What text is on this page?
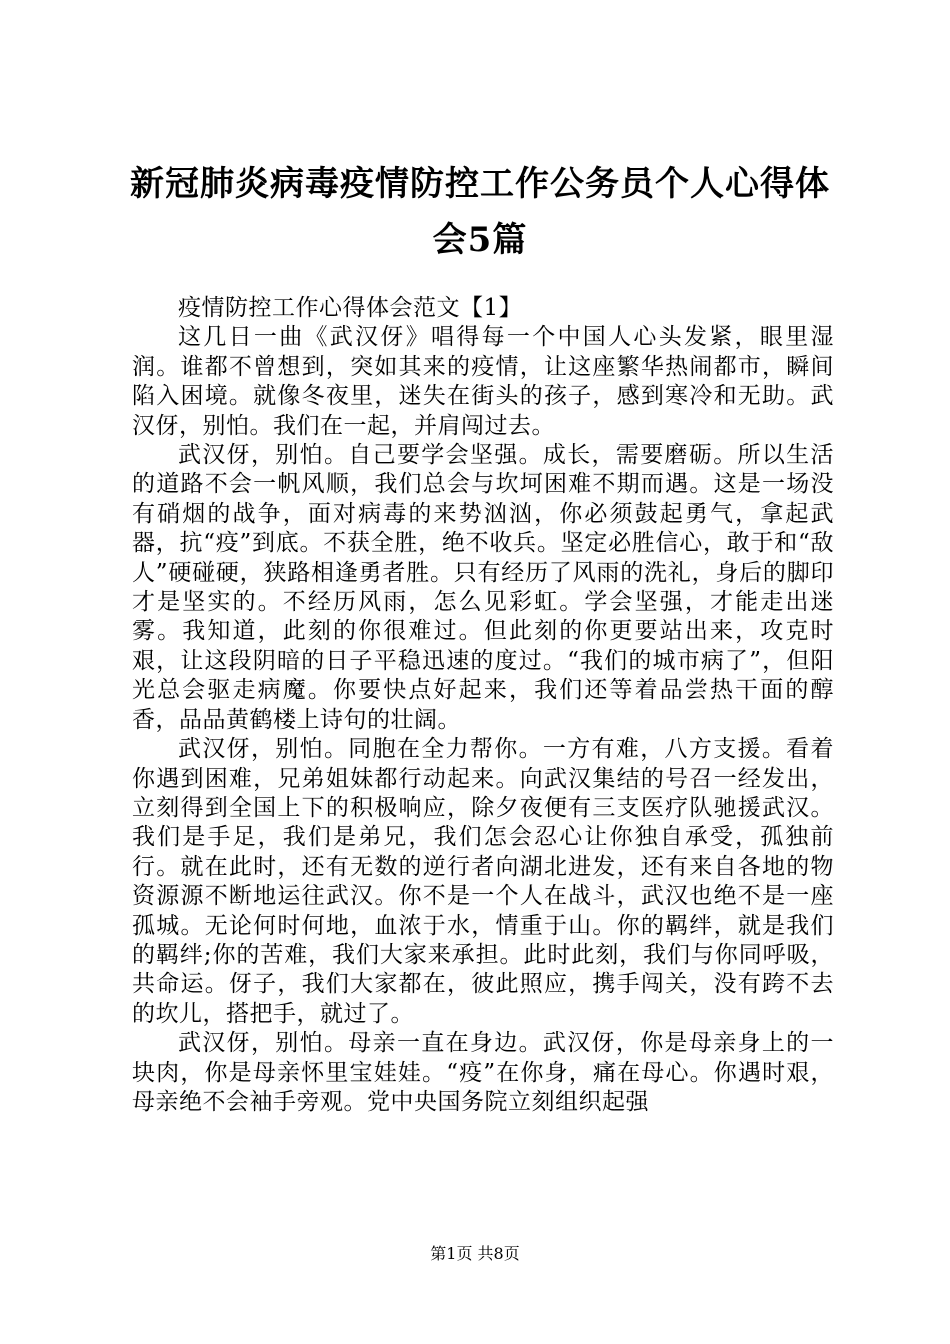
新冠肺炎病毒疫情防控工作公务员个人心得体会5篇

疫情防控工作心得体会范文【1】

这几日一曲《武汉伢》唱得每一个中国人心头发紧，眼里湿润。谁都不曾想到，突如其来的疫情，让这座繁华热闹都市，瞬间陷入困境。就像冬夜里，迷失在街头的孩子，感到寒冷和无助。武汉伢，别怕。我们在一起，并肩闯过去。

武汉伢，别怕。自己要学会坚强。成长，需要磨砺。所以生活的道路不会一帆风顺，我们总会与坎坷困难不期而遇。这是一场没有硝烟的战争，面对病毒的来势汹汹，你必须鼓起勇气，拿起武器，抗“疫”到底。不获全胜，绝不收兵。坚定必胜信心，敢于和“敌人”硬碰硬，狭路相逢勇者胜。只有经历了风雨的洗礼，身后的脚印才是坚实的。不经历风雨，怎么见彩虹。学会坚强，才能走出迷雾。我知道，此刻的你很难过。但此刻的你更要站出来，攻克时艰，让这段阴暗的日子平稳迅速的度过。“我们的城市病了”，但阳光总会驱走病魔。你要快点好起来，我们还等着品尝热干面的醇香，品品黄鹤楼上诗句的壮阔。

武汉伢，别怕。同胞在全力帮你。一方有难，八方支援。看着你遇到困难，兄弟姐妹都行动起来。向武汉集结的号召一经发出，立刻得到全国上下的积极响应，除夕夜便有三支医疗队驰援武汉。我们是手足，我们是弟兄，我们怎会忍心让你独自承受，孤独前行。就在此时，还有无数的逆行者向湖北进发，还有来自各地的物资源源不断地运往武汉。你不是一个人在战斗，武汉也绝不是一座孤城。无论何时何地，血浓于水，情重于山。你的羁绊，就是我们的羁绊;你的苦难，我们大家来承担。此时此刻，我们与你同呼吸，共命运。伢子，我们大家都在，彼此照应，携手闯关，没有跨不去的坎儿，搭把手，就过了。

武汉伢，别怕。母亲一直在身边。武汉伢，你是母亲身上的一块肉，你是母亲怀里宝娃娃。“疫”在你身，痛在母心。你遇时艰，母亲绝不会袖手旁观。党中央国务院立刻组织起强

第1页 共8页
